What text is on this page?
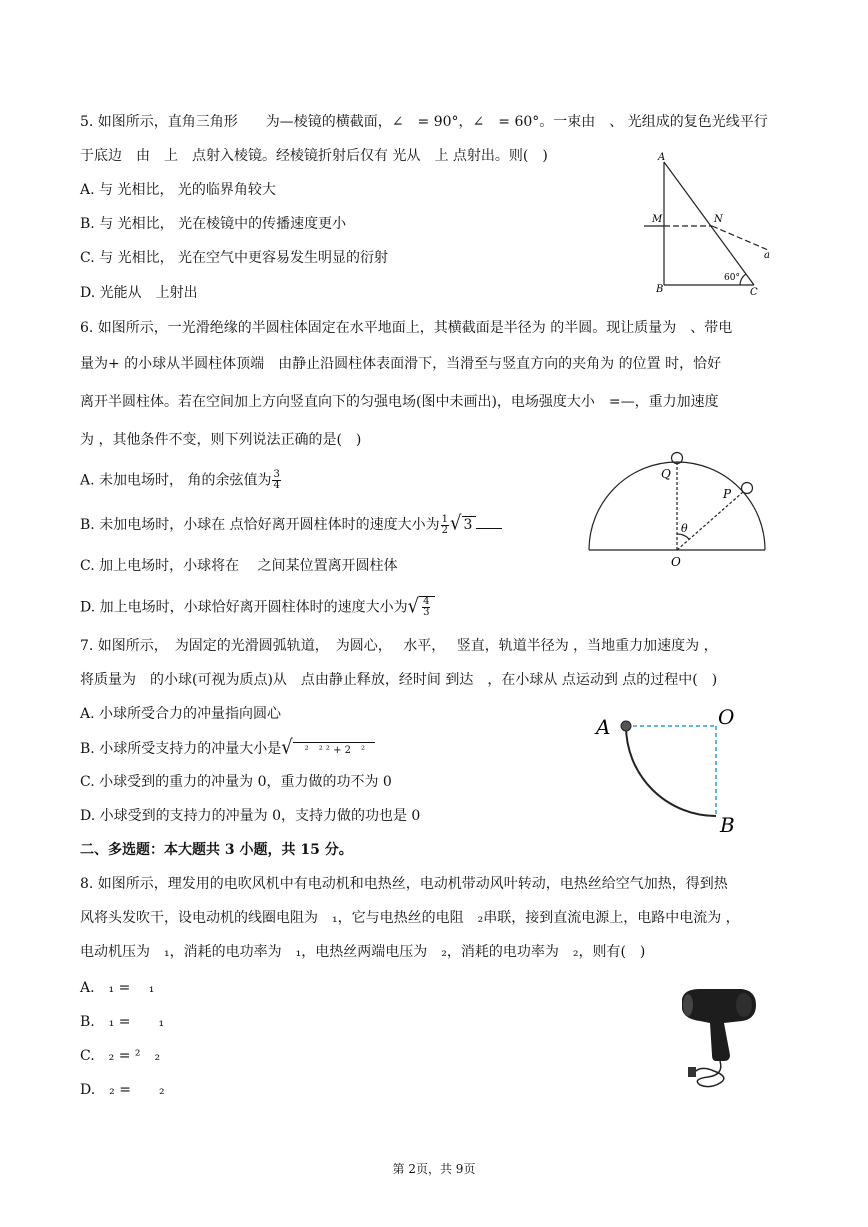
5. 如图所示，直角三角形　　为—棱镜的横截面，∠　= 90°，∠　= 60°。一束由　、 光组成的复色光线平行
于底边　由　上　点射入棱镜。经棱镜折射后仅有 光从　上 点射出。则(　)
A. 与 光相比， 光的临界角较大
B. 与 光相比， 光在棱镜中的传播速度更小
C. 与 光相比， 光在空气中更容易发生明显的衍射
D. 光能从　上射出
A
M	N
a
B
60°
C
6. 如图所示，一光滑绝缘的半圆柱体固定在水平地面上，其横截面是半径为 的半圆。现让质量为　、带电
量为+ 的小球从半圆柱体顶端　由静止沿圆柱体表面滑下，当滑至与竖直方向的夹角为 的位置 时，恰好
离开半圆柱体。若在空间加上方向竖直向下的匀强电场(图中未画出)，电场强度大小　=—，重力加速度
为 ，其他条件不变，则下列说法正确的是(　)
A. 未加电场时， 角的余弦值为 $\frac{3}{4}$
B. 未加电场时，小球在 点恰好离开圆柱体时的速度大小为 $\frac{1}{2}$ √ 3
C. 加上电场时，小球将在　 之间某位置离开圆柱体
D. 加上电场时，小球恰好离开圆柱体时的速度大小为√ $\frac{4}{3}$
Q
P
θ
O
7. 如图所示，　为固定的光滑圆弧轨道，　为圆心，　 水平，　 竖直，轨道半径为 ，当地重力加速度为 ，
将质量为　的小球(可视为质点)从　点由静止释放，经时间 到达　，在小球从 点运动到 点的过程中(　)
A. 小球所受合力的冲量指向圆心
B. 小球所受支持力的冲量大小是√　²　² ² + 2　²
C. 小球受到的重力的冲量为 0，重力做的功不为 0
D. 小球受到的支持力的冲量为 0，支持力做的功也是 0
A	O
B
二、多选题：本大题共 3 小题，共 15 分。
8. 如图所示，理发用的电吹风机中有电动机和电热丝，电动机带动风叶转动，电热丝给空气加热，得到热
风将头发吹干，设电动机的线圈电阻为　₁，它与电热丝的电阻　₂串联，接到直流电源上，电路中电流为 ，
电动机压为　₁，消耗的电功率为　₁，电热丝两端电压为　₂，消耗的电功率为　₂，则有(　)
A.　₁ =　 ₁
B.　₁ =　　₁
C.　₂ = ²　₂
D.　₂ =　　₂
第 2页，共 9页
